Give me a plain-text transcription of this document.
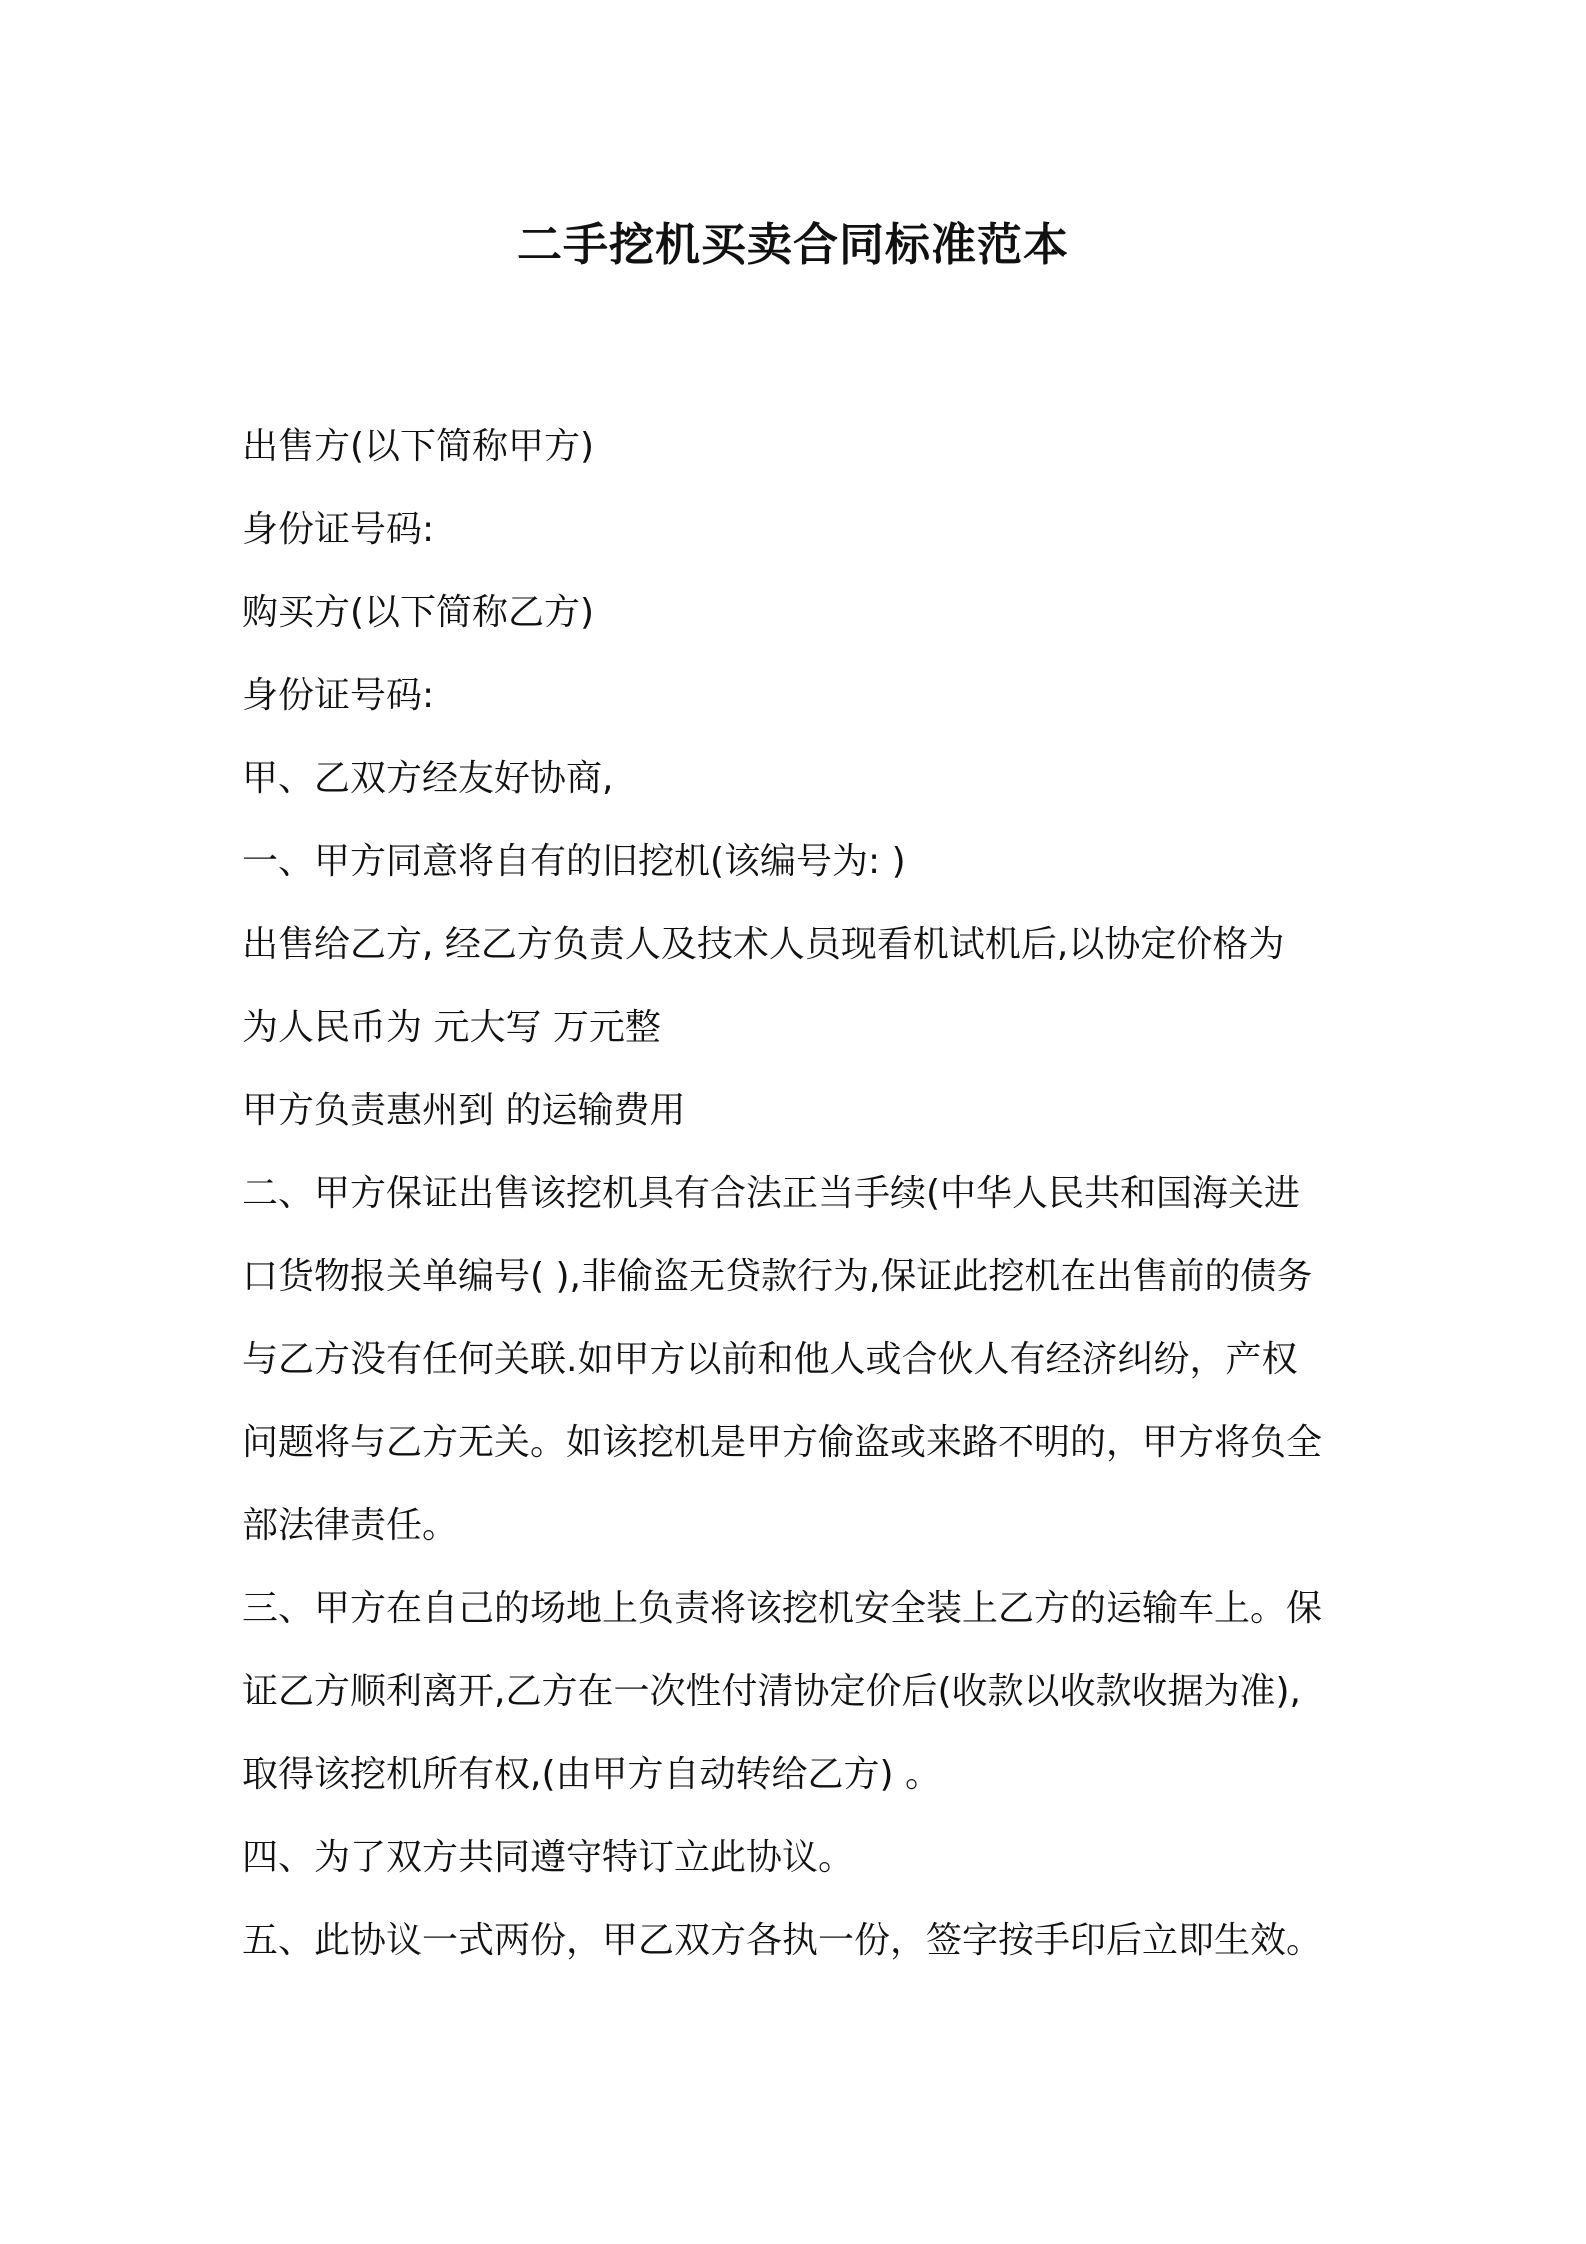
二手挖机买卖合同标准范本
出售方(以下简称甲方)
身份证号码:
购买方(以下简称乙方)
身份证号码:
甲、乙双方经友好协商,
一、甲方同意将自有的旧挖机(该编号为: )
出售给乙方, 经乙方负责人及技术人员现看机试机后,以协定价格为
为人民币为 元大写 万元整
甲方负责惠州到 的运输费用
二、甲方保证出售该挖机具有合法正当手续(中华人民共和国海关进
口货物报关单编号( ),非偷盗无贷款行为,保证此挖机在出售前的债务
与乙方没有任何关联.如甲方以前和他人或合伙人有经济纠纷，产权
问题将与乙方无关。如该挖机是甲方偷盗或来路不明的，甲方将负全
部法律责任。
三、甲方在自己的场地上负责将该挖机安全装上乙方的运输车上。保
证乙方顺利离开,乙方在一次性付清协定价后(收款以收款收据为准),
取得该挖机所有权,(由甲方自动转给乙方) 。
四、为了双方共同遵守特订立此协议。
五、此协议一式两份，甲乙双方各执一份，签字按手印后立即生效。
